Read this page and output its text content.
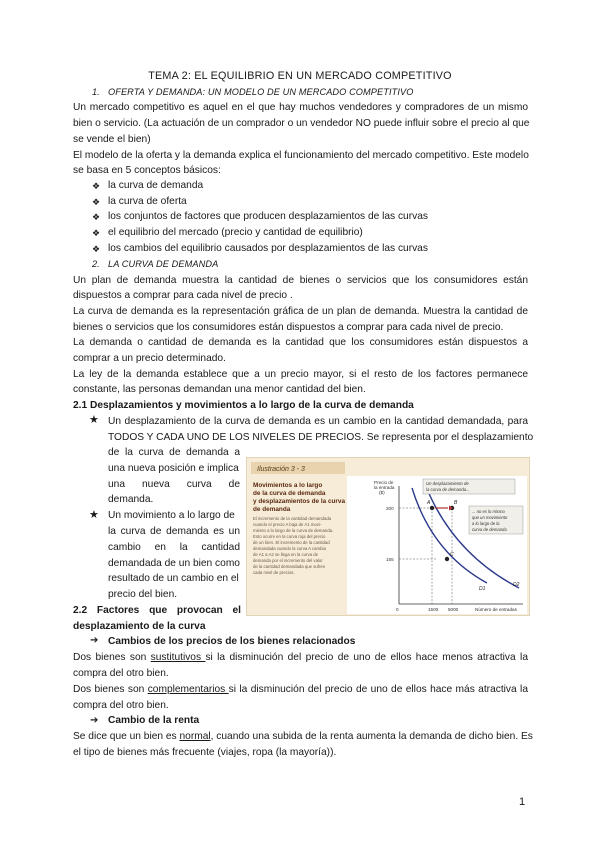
TEMA 2: EL EQUILIBRIO EN UN MERCADO COMPETITIVO
1. OFERTA Y DEMANDA: UN MODELO DE UN MERCADO COMPETITIVO
Un mercado competitivo es aquel en el que hay muchos vendedores y compradores de un mismo
bien o servicio. (La actuación de un comprador o un vendedor NO puede influir sobre el precio al que
se vende el bien)
El modelo de la oferta y la demanda explica el funcionamiento del mercado competitivo. Este modelo
se basa en 5 conceptos básicos:
❖ la curva de demanda
❖ la curva de oferta
❖ los conjuntos de factores que producen desplazamientos de las curvas
❖ el equilibrio del mercado (precio y cantidad de equilibrio)
❖ los cambios del equilibrio causados por desplazamientos de las curvas
2. LA CURVA DE DEMANDA
Un plan de demanda muestra la cantidad de bienes o servicios que los consumidores están
dispuestos a comprar para cada nivel de precio .
La curva de demanda es la representación gráfica de un plan de demanda. Muestra la cantidad de
bienes o servicios que los consumidores están dispuestos a comprar para cada nivel de precio.
La demanda o cantidad de demanda es la cantidad que los consumidores están dispuestos a
comprar a un precio determinado.
La ley de la demanda establece que a un precio mayor, si el resto de los factores permanece
constante, las personas demandan una menor cantidad del bien.
2.1 Desplazamientos y movimientos a lo largo de la curva de demanda
★ Un desplazamiento de la curva de demanda es un cambio en la cantidad demandada, para
TODOS Y CADA UNO DE LOS NIVELES DE PRECIOS. Se representa por el desplazamiento
de la curva de demanda a
una nueva posición e implica
una nueva curva de
demanda.
★ Un movimiento a lo largo de
la curva de demanda es un
cambio en la cantidad
demandada de un bien como
resultado de un cambio en el
precio del bien.
2.2 Factores que provocan el
desplazamiento de la curva
➔ Cambios de los precios de los bienes relacionados
Dos bienes son sustitutivos si la disminución del precio de uno de ellos hace menos atractiva la
compra del otro bien.
Dos bienes son complementarios si la disminución del precio de uno de ellos hace más atractiva la
compra del otro bien.
➔ Cambio de la renta
Se dice que un bien es normal, cuando una subida de la renta aumenta la demanda de dicho bien. Es
el tipo de bienes más frecuente (viajes, ropa (la mayoría)).
Ilustración 3 - 3
Movimientos a lo largo
de la curva de demanda
y desplazamientos de la curva
de demanda
El incremento de la cantidad demandada
cuando el precio A baja de A1 movi-
miento a lo largo de la curva de demanda.
Esto ocurre en la curva roja del precio
de un bien. El incremento de la cantidad
demandada cuando la curva A cambia
de A1 a A2 se llega en la curva de
demanda por el incremento del valor
de la cantidad demandada que sufren
cada nivel de precios.
Precio de
la entrada
($)
200
155
0	1500 5000	Número de entradas
A	B
C
D1
D2
Un desplazamiento de
la curva de demanda...
... no es lo mismo
que un movimiento
a lo largo de la
curva de demanda
1
